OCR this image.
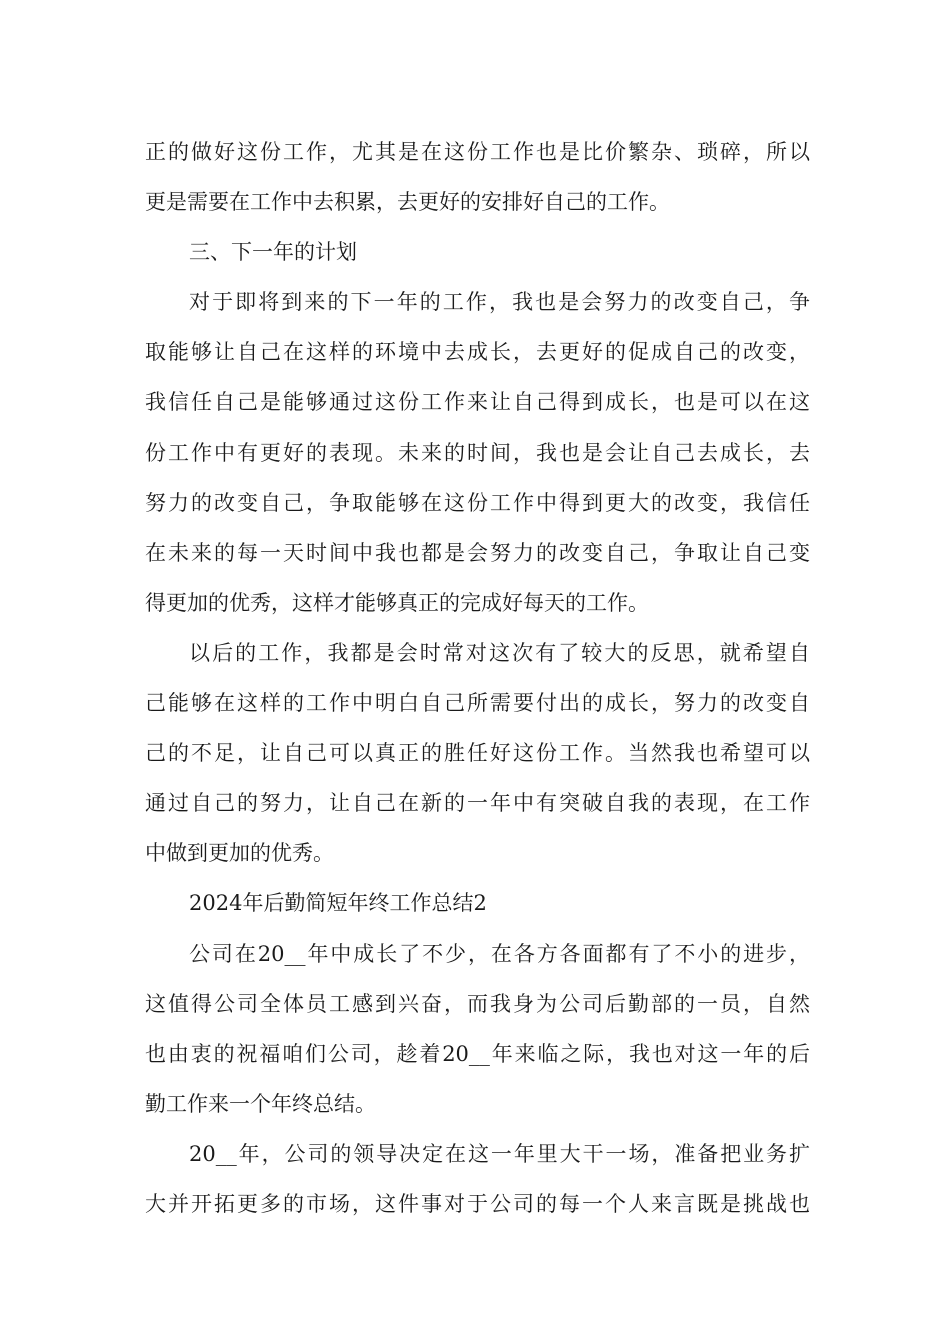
正的做好这份工作，尤其是在这份工作也是比价繁杂、琐碎，所以
更是需要在工作中去积累，去更好的安排好自己的工作。
三、下一年的计划
对于即将到来的下一年的工作，我也是会努力的改变自己，争
取能够让自己在这样的环境中去成长，去更好的促成自己的改变，
我信任自己是能够通过这份工作来让自己得到成长，也是可以在这
份工作中有更好的表现。未来的时间，我也是会让自己去成长，去
努力的改变自己，争取能够在这份工作中得到更大的改变，我信任
在未来的每一天时间中我也都是会努力的改变自己，争取让自己变
得更加的优秀，这样才能够真正的完成好每天的工作。
以后的工作，我都是会时常对这次有了较大的反思，就希望自
己能够在这样的工作中明白自己所需要付出的成长，努力的改变自
己的不足，让自己可以真正的胜任好这份工作。当然我也希望可以
通过自己的努力，让自己在新的一年中有突破自我的表现，在工作
中做到更加的优秀。
2024年后勤简短年终工作总结2
公司在20__年中成长了不少，在各方各面都有了不小的进步，
这值得公司全体员工感到兴奋，而我身为公司后勤部的一员，自然
也由衷的祝福咱们公司，趁着20__年来临之际，我也对这一年的后
勤工作来一个年终总结。
20__年，公司的领导决定在这一年里大干一场，准备把业务扩
大并开拓更多的市场，这件事对于公司的每一个人来言既是挑战也
